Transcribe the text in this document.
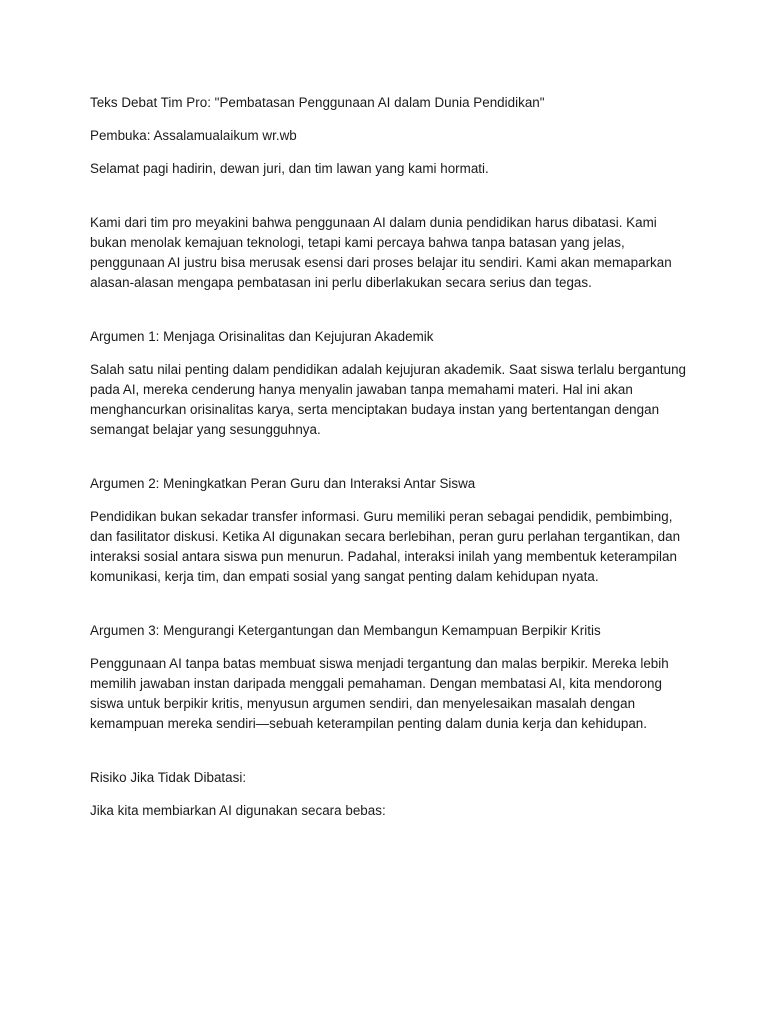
Teks Debat Tim Pro: "Pembatasan Penggunaan AI dalam Dunia Pendidikan"

Pembuka: Assalamualaikum wr.wb

Selamat pagi hadirin, dewan juri, dan tim lawan yang kami hormati.

Kami dari tim pro meyakini bahwa penggunaan AI dalam dunia pendidikan harus dibatasi. Kami bukan menolak kemajuan teknologi, tetapi kami percaya bahwa tanpa batasan yang jelas, penggunaan AI justru bisa merusak esensi dari proses belajar itu sendiri. Kami akan memaparkan alasan-alasan mengapa pembatasan ini perlu diberlakukan secara serius dan tegas.

Argumen 1: Menjaga Orisinalitas dan Kejujuran Akademik

Salah satu nilai penting dalam pendidikan adalah kejujuran akademik. Saat siswa terlalu bergantung pada AI, mereka cenderung hanya menyalin jawaban tanpa memahami materi. Hal ini akan menghancurkan orisinalitas karya, serta menciptakan budaya instan yang bertentangan dengan semangat belajar yang sesungguhnya.

Argumen 2: Meningkatkan Peran Guru dan Interaksi Antar Siswa

Pendidikan bukan sekadar transfer informasi. Guru memiliki peran sebagai pendidik, pembimbing, dan fasilitator diskusi. Ketika AI digunakan secara berlebihan, peran guru perlahan tergantikan, dan interaksi sosial antara siswa pun menurun. Padahal, interaksi inilah yang membentuk keterampilan komunikasi, kerja tim, dan empati sosial yang sangat penting dalam kehidupan nyata.

Argumen 3: Mengurangi Ketergantungan dan Membangun Kemampuan Berpikir Kritis

Penggunaan AI tanpa batas membuat siswa menjadi tergantung dan malas berpikir. Mereka lebih memilih jawaban instan daripada menggali pemahaman. Dengan membatasi AI, kita mendorong siswa untuk berpikir kritis, menyusun argumen sendiri, dan menyelesaikan masalah dengan kemampuan mereka sendiri—sebuah keterampilan penting dalam dunia kerja dan kehidupan.

Risiko Jika Tidak Dibatasi:

Jika kita membiarkan AI digunakan secara bebas:
